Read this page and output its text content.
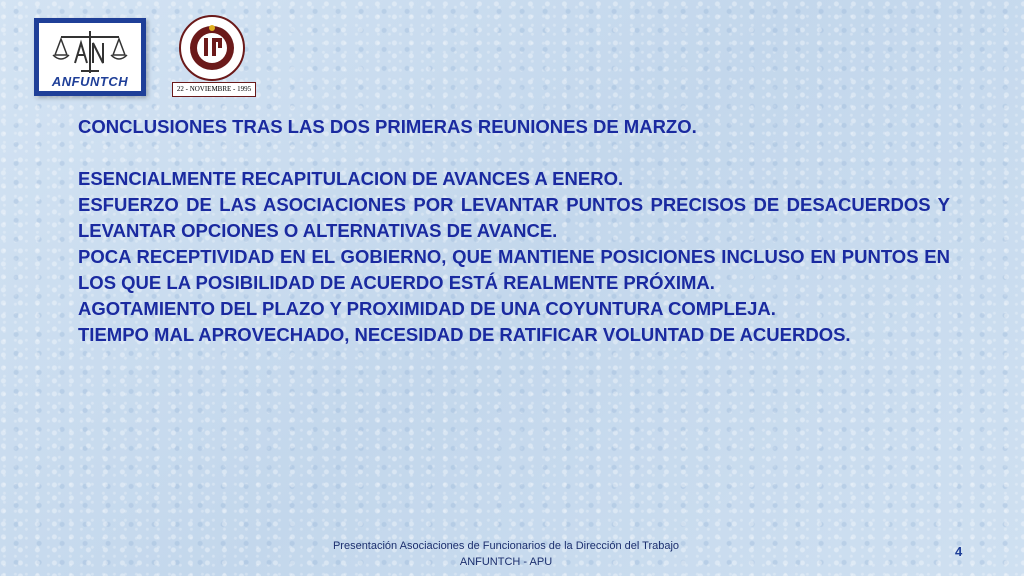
ANFUNTCH	22 - NOVIEMBRE - 1995

CONCLUSIONES TRAS LAS DOS PRIMERAS REUNIONES DE MARZO.

ESENCIALMENTE RECAPITULACION DE AVANCES A ENERO.

ESFUERZO DE LAS ASOCIACIONES POR LEVANTAR PUNTOS PRECISOS DE DESACUERDOS Y LEVANTAR OPCIONES O ALTERNATIVAS DE AVANCE.

POCA RECEPTIVIDAD EN EL GOBIERNO, QUE MANTIENE POSICIONES INCLUSO EN PUNTOS EN LOS QUE LA POSIBILIDAD DE ACUERDO ESTÁ REALMENTE PRÓXIMA.

AGOTAMIENTO DEL PLAZO Y PROXIMIDAD DE UNA COYUNTURA COMPLEJA.

TIEMPO MAL APROVECHADO, NECESIDAD DE RATIFICAR VOLUNTAD DE ACUERDOS.

Presentación Asociaciones de Funcionarios de la Dirección del Trabajo
ANFUNTCH - APU
4
